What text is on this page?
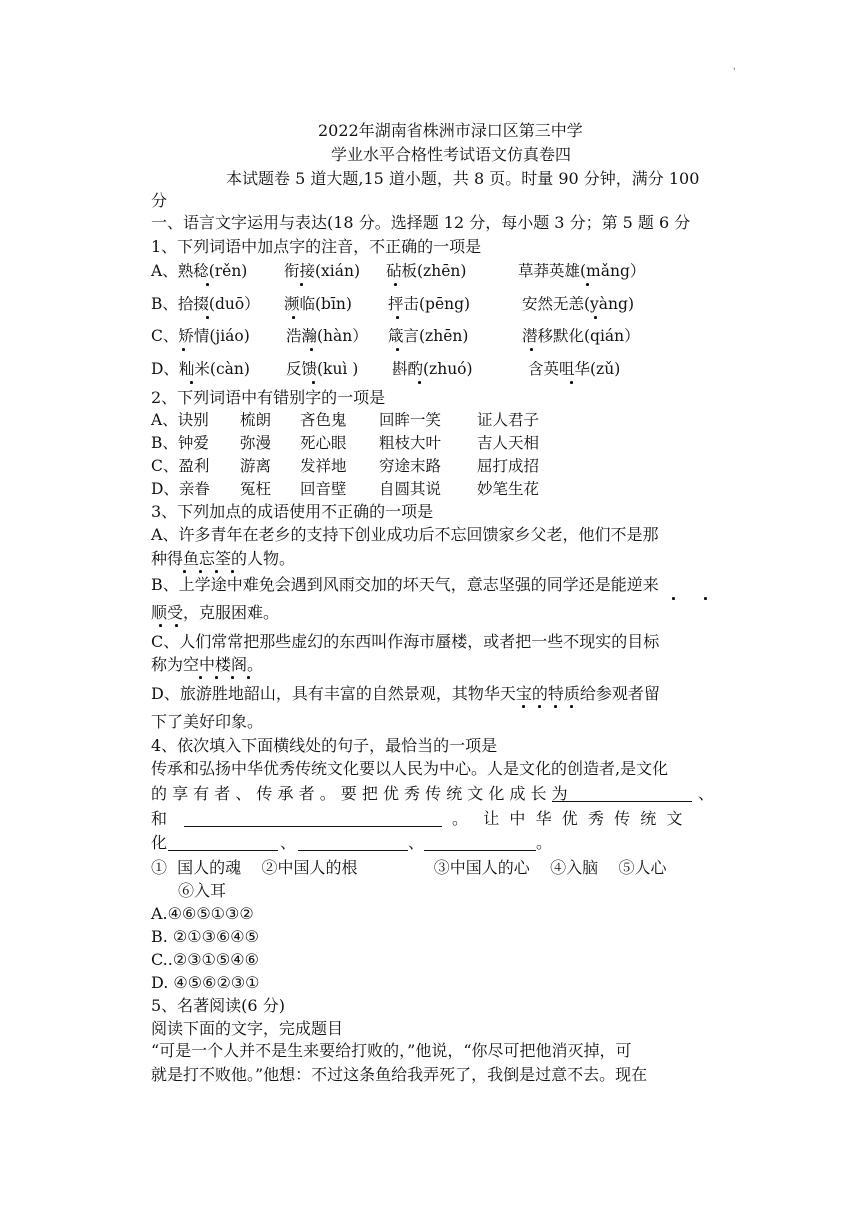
'
2022年湖南省株洲市渌口区第三中学
学业水平合格性考试语文仿真卷四
本试题卷 5 道大题,15 道小题，共 8 页。时量 90 分钟，满分 100
分
一、语言文字运用与表达(18 分。选择题 12 分，每小题 3 分；第 5 题 6 分
1、下列词语中加点字的注音，不正确的一项是
A、熟稔(rěn) 衔接(xián) 砧板(zhēn)	草莽英雄(mǎng）
B、拾掇(duō） 濒临(bīn) 抨击(pēng)	安然无恙(yàng)
C、矫情(jiáo) 浩瀚(hàn） 箴言(zhēn)	潜移默化(qián）
D、籼米(càn) 反馈(kuì ) 斟酌(zhuó)	含英咀华(zǔ)
2、下列词语中有错别字的一项是
A、诀别 梳朗 吝色鬼 回眸一笑 证人君子
B、钟爱 弥漫 死心眼 粗枝大叶 吉人天相
C、盈利 游离 发祥地 穷途末路 屈打成招
D、亲眷 冤枉 回音壁 自圆其说 妙笔生花
3、下列加点的成语使用不正确的一项是
A、许多青年在老乡的支持下创业成功后不忘回馈家乡父老，他们不是那
种得鱼忘筌的人物。
B、上学途中难免会遇到风雨交加的坏天气，意志坚强的同学还是能逆来
顺受，克服困难。
C、人们常常把那些虚幻的东西叫作海市蜃楼，或者把一些不现实的目标
称为空中楼阁。
D、旅游胜地韶山，具有丰富的自然景观，其物华天宝的特质给参观者留
下了美好印象。
4、依次填入下面横线处的句子，最恰当的一项是
传承和弘扬中华优秀传统文化要以人民为中心。人是文化的创造者,是文化
的 享 有 者 、 传 承 者 。 要 把 优 秀 传 统 文 化 成 长 为	、
和	。   让  中  华  优  秀  传  统  文
化	、	、	。
①  国人的魂    ②中国人的根               ③中国人的心    ④入脑    ⑤人心
⑥入耳
A.④⑥⑤①③②
B. ②①③⑥④⑤
C..②③①⑤④⑥
D. ④⑤⑥②③①
5、名著阅读(6 分)
阅读下面的文字，完成题目
“可是一个人并不是生来要给打败的，”他说，“你尽可把他消灭掉，可
就是打不败他。”他想：不过这条鱼给我弄死了，我倒是过意不去。现在
